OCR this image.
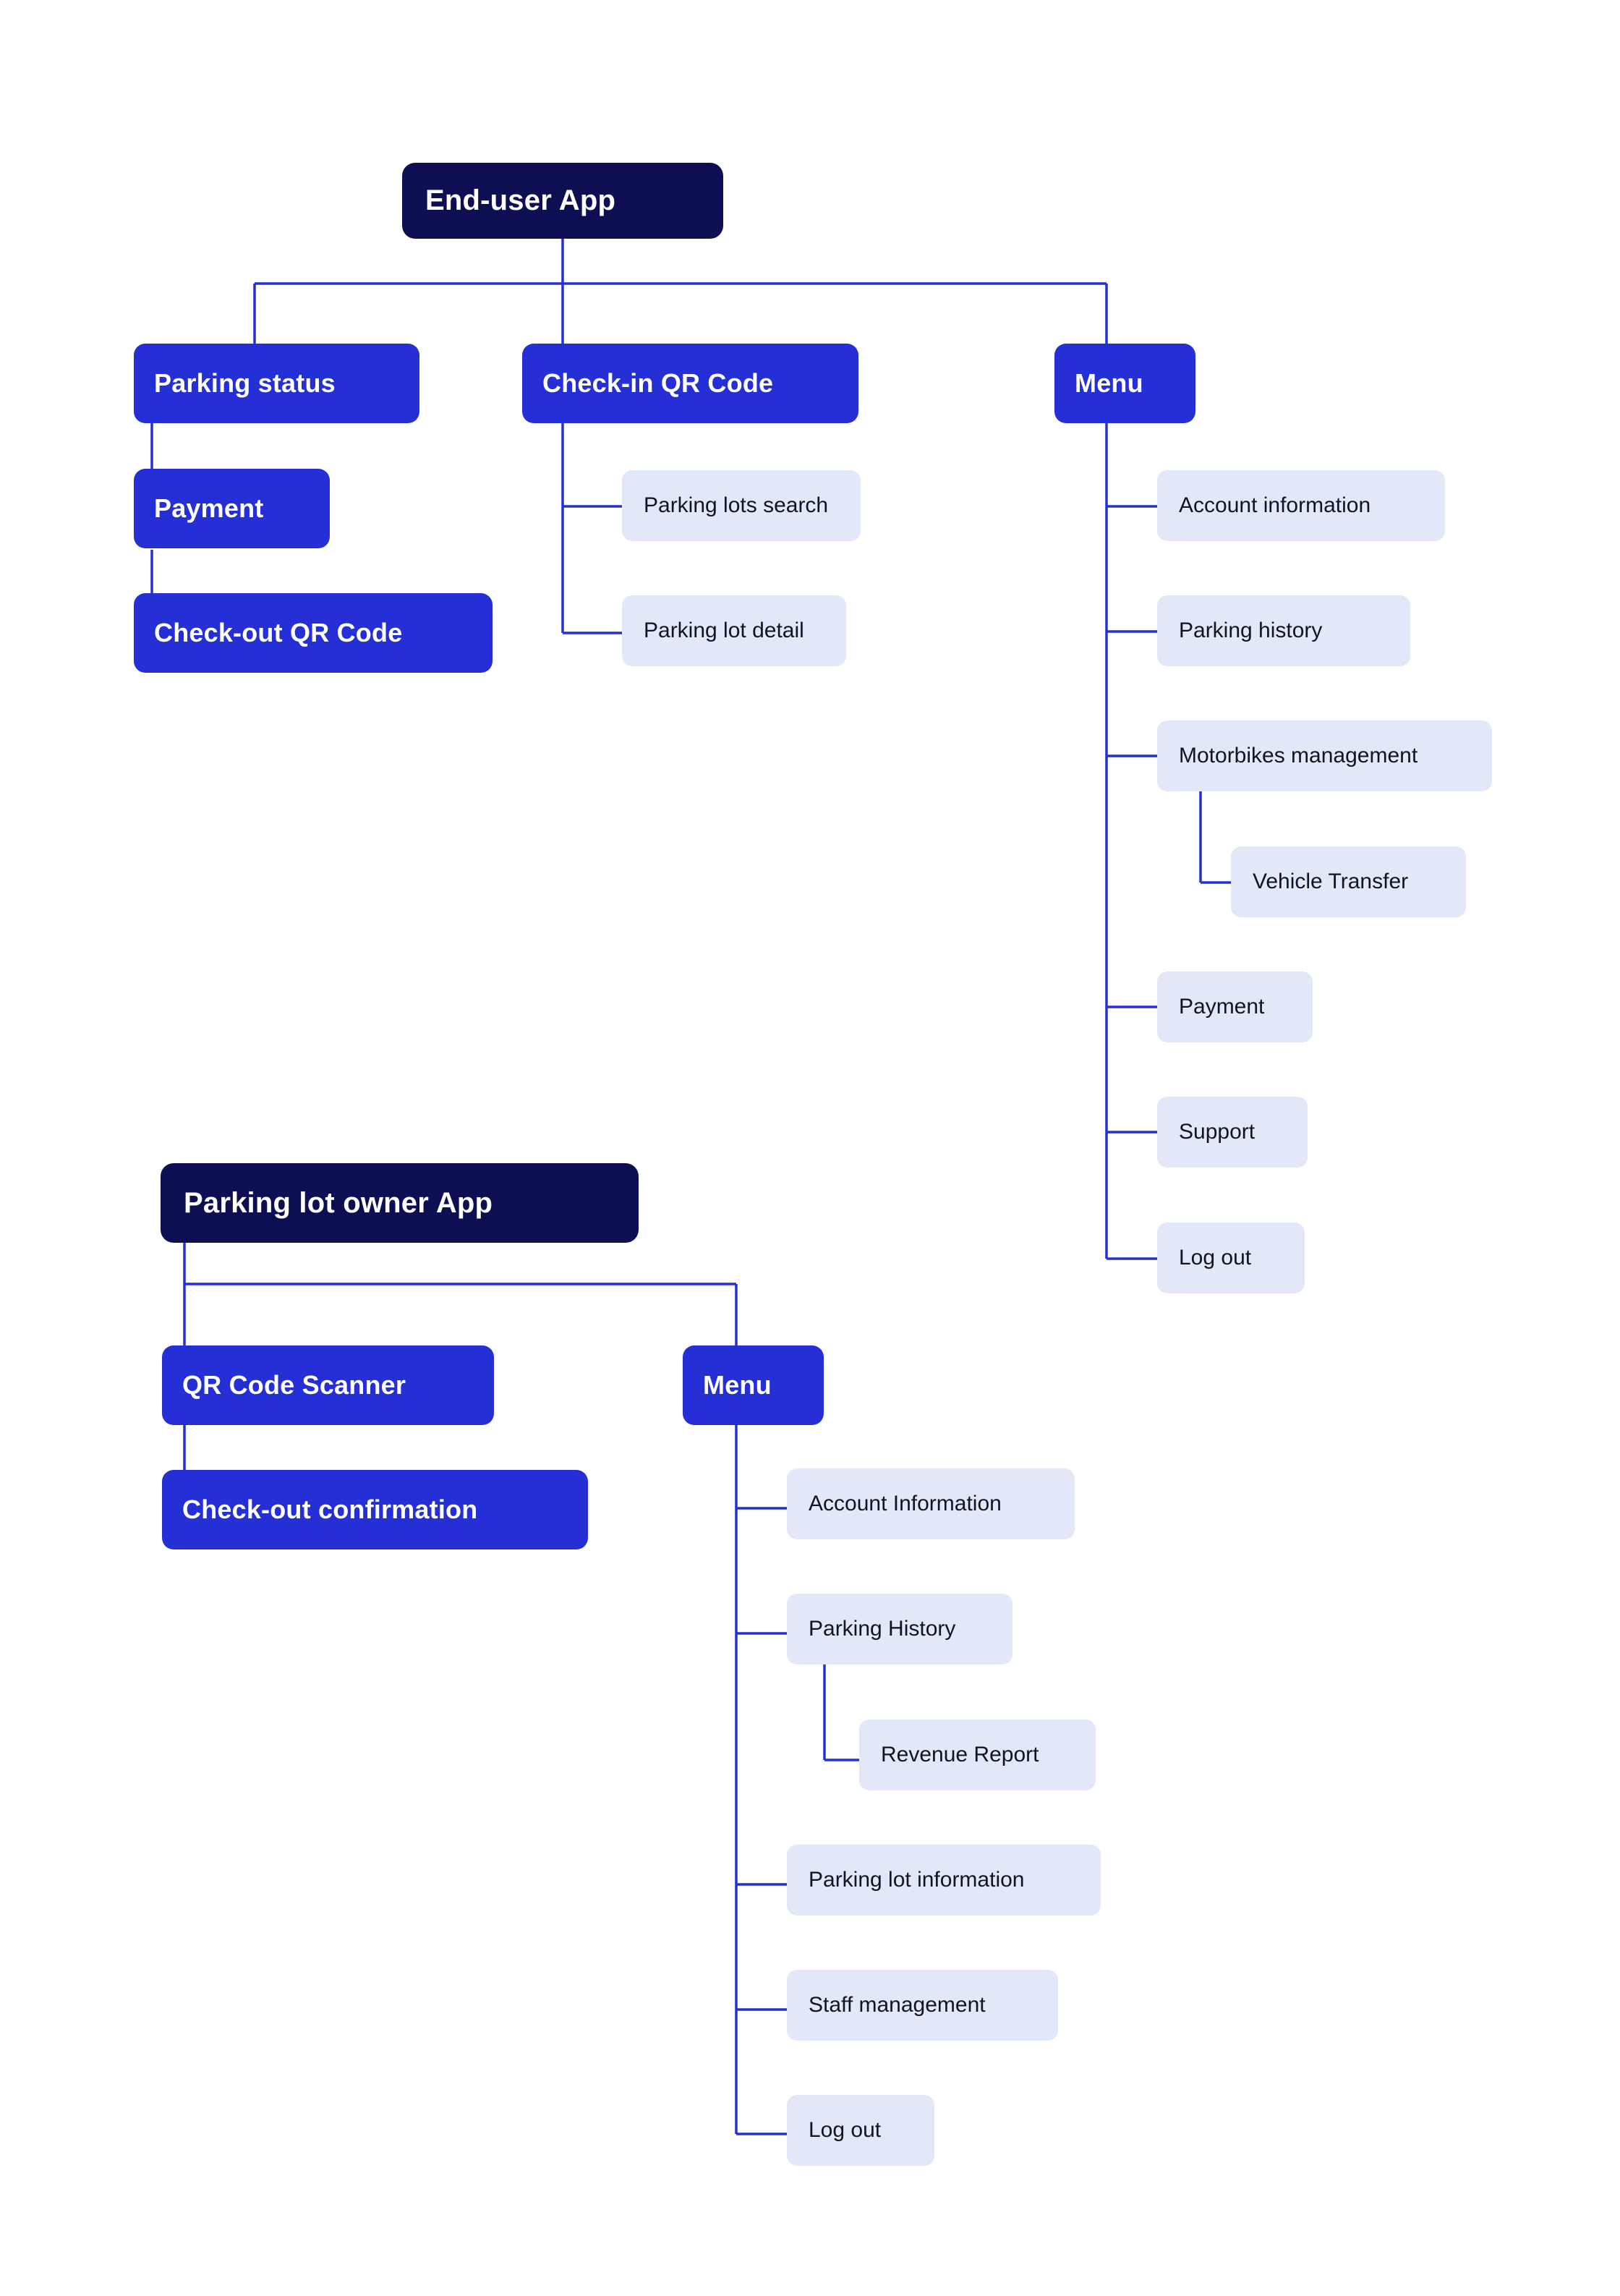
End-user App
Parking status
Payment
Check-out QR Code
Check-in QR Code
Parking lots search
Parking lot detail
Menu
Account information
Parking history
Motorbikes management
Vehicle Transfer
Payment
Support
Log out
Parking lot owner App
QR Code Scanner
Check-out confirmation
Menu
Account Information
Parking History
Revenue Report
Parking lot information
Staff management
Log out
